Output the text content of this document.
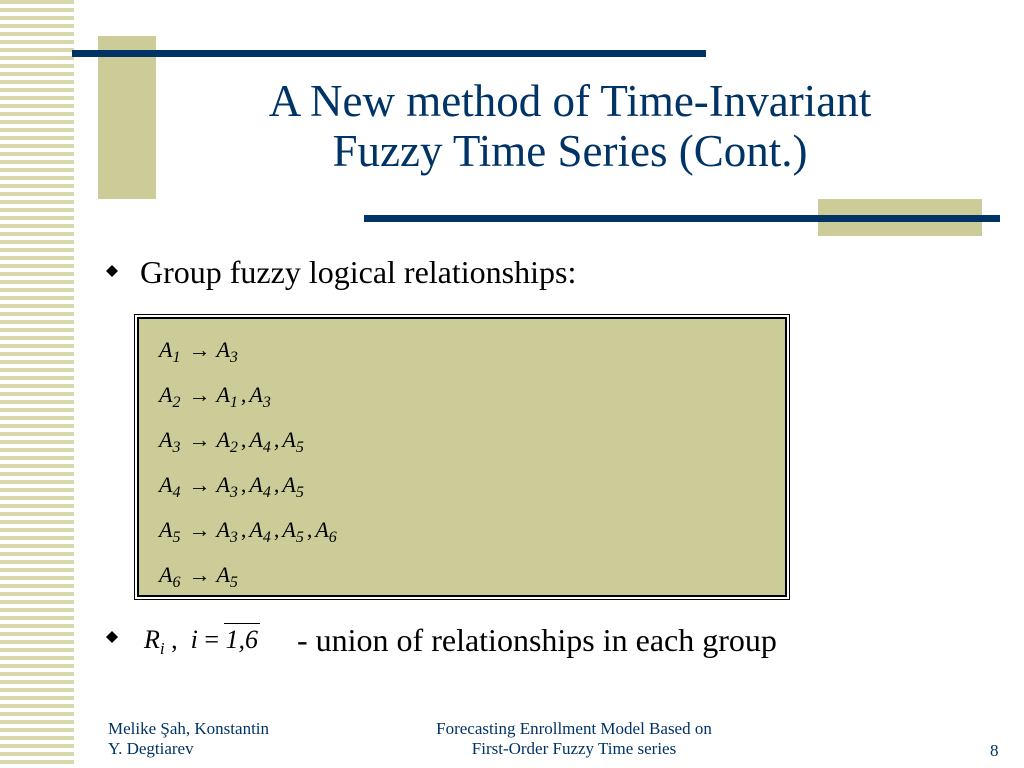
A New method of Time-Invariant
Fuzzy Time Series (Cont.)
Group fuzzy logical relationships:
$A_1 \to A_3$
$A_2 \to A_1$ , $A_3$
$A_3 \to A_2$ , $A_4$ , $A_5$
$A_4 \to A_3$ , $A_4$ , $A_5$
$A_5 \to A_3$ , $A_4$ , $A_5$ , $A_6$
$A_6 \to A_5$
$R_i$ ,  i = 1,6 - union of relationships in each group
Melike Şah, Konstantin
Y. Degtiarev
Forecasting Enrollment Model Based on
First-Order Fuzzy Time series	8
